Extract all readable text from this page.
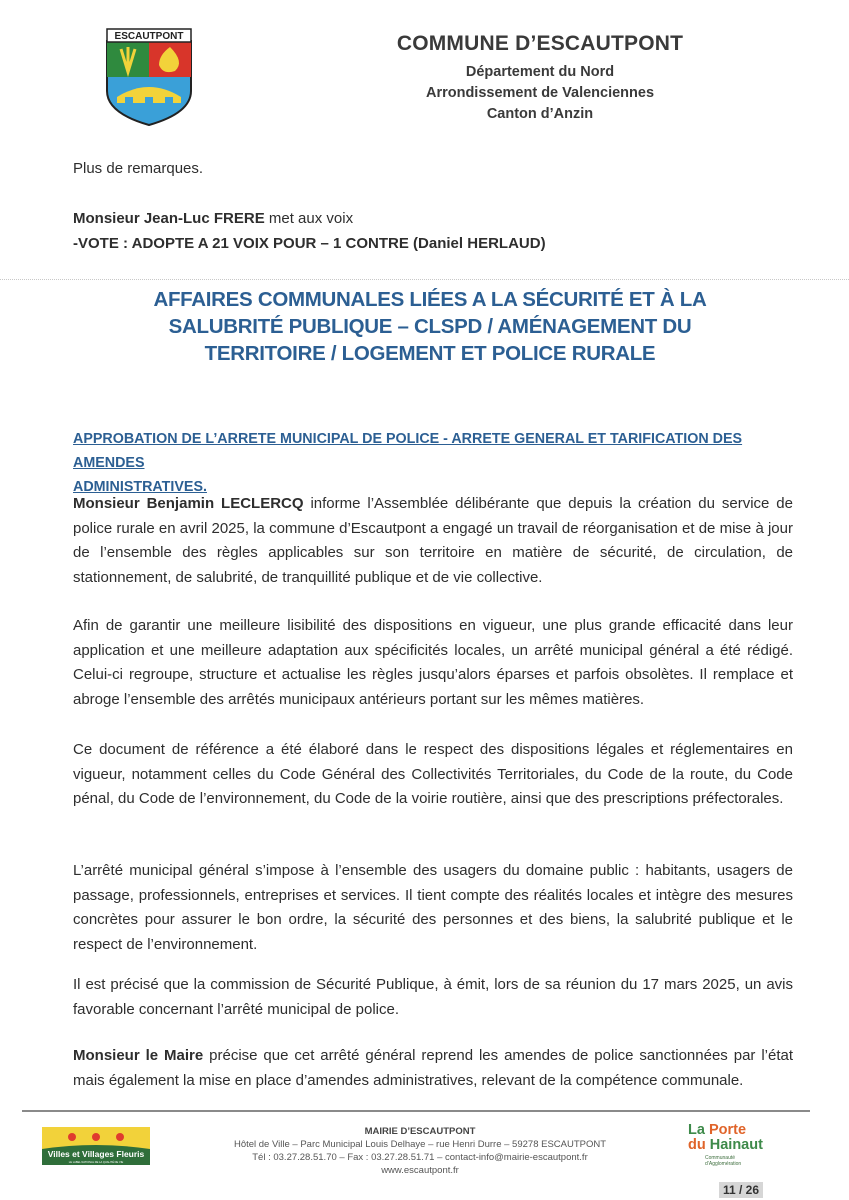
ESCAUTPONT	COMMUNE D’ESCAUTPONT
Département du Nord
Arrondissement de Valenciennes
Canton d’Anzin
Plus de remarques.
Monsieur Jean-Luc FRERE met aux voix
-VOTE : ADOPTE A 21 VOIX POUR – 1 CONTRE (Daniel HERLAUD)
AFFAIRES COMMUNALES LIÉES A LA SÉCURITÉ ET À LA
SALUBRITÉ PUBLIQUE – CLSPD / AMÉNAGEMENT DU
TERRITOIRE / LOGEMENT ET POLICE RURALE
APPROBATION DE L’ARRETE MUNICIPAL DE POLICE - ARRETE GENERAL ET TARIFICATION DES AMENDES
ADMINISTRATIVES.
Monsieur Benjamin LECLERCQ informe l’Assemblée délibérante que depuis la création du service de police rurale en avril 2025, la commune d’Escautpont a engagé un travail de réorganisation et de mise à jour de l’ensemble des règles applicables sur son territoire en matière de sécurité, de circulation, de stationnement, de salubrité, de tranquillité publique et de vie collective.
Afin de garantir une meilleure lisibilité des dispositions en vigueur, une plus grande efficacité dans leur application et une meilleure adaptation aux spécificités locales, un arrêté municipal général a été rédigé. Celui-ci regroupe, structure et actualise les règles jusqu’alors éparses et parfois obsolètes. Il remplace et abroge l’ensemble des arrêtés municipaux antérieurs portant sur les mêmes matières.
Ce document de référence a été élaboré dans le respect des dispositions légales et réglementaires en vigueur, notamment celles du Code Général des Collectivités Territoriales, du Code de la route, du Code pénal, du Code de l’environnement, du Code de la voirie routière, ainsi que des prescriptions préfectorales.
L’arrêté municipal général s’impose à l’ensemble des usagers du domaine public : habitants, usagers de passage, professionnels, entreprises et services. Il tient compte des réalités locales et intègre des mesures concrètes pour assurer le bon ordre, la sécurité des personnes et des biens, la salubrité publique et le respect de l’environnement.
Il est précisé que la commission de Sécurité Publique, à émit, lors de sa réunion du 17 mars 2025, un avis favorable concernant l’arrêté municipal de police.
Monsieur le Maire précise que cet arrêté général reprend les amendes de police sanctionnées par l’état mais également la mise en place d’amendes administratives, relevant de la compétence communale.
Villes et Villages Fleuris
LE LABEL NATIONAL DE LA QUALITÉ DE VIE
MAIRIE D’ESCAUTPONT
Hôtel de Ville – Parc Municipal Louis Delhaye – rue Henri Durre – 59278 ESCAUTPONT
Tél : 03.27.28.51.70 – Fax : 03.27.28.51.71 – contact-info@mairie-escautpont.fr
www.escautpont.fr
La Porte
du Hainaut
Communauté
d’Agglomération
11 / 26
